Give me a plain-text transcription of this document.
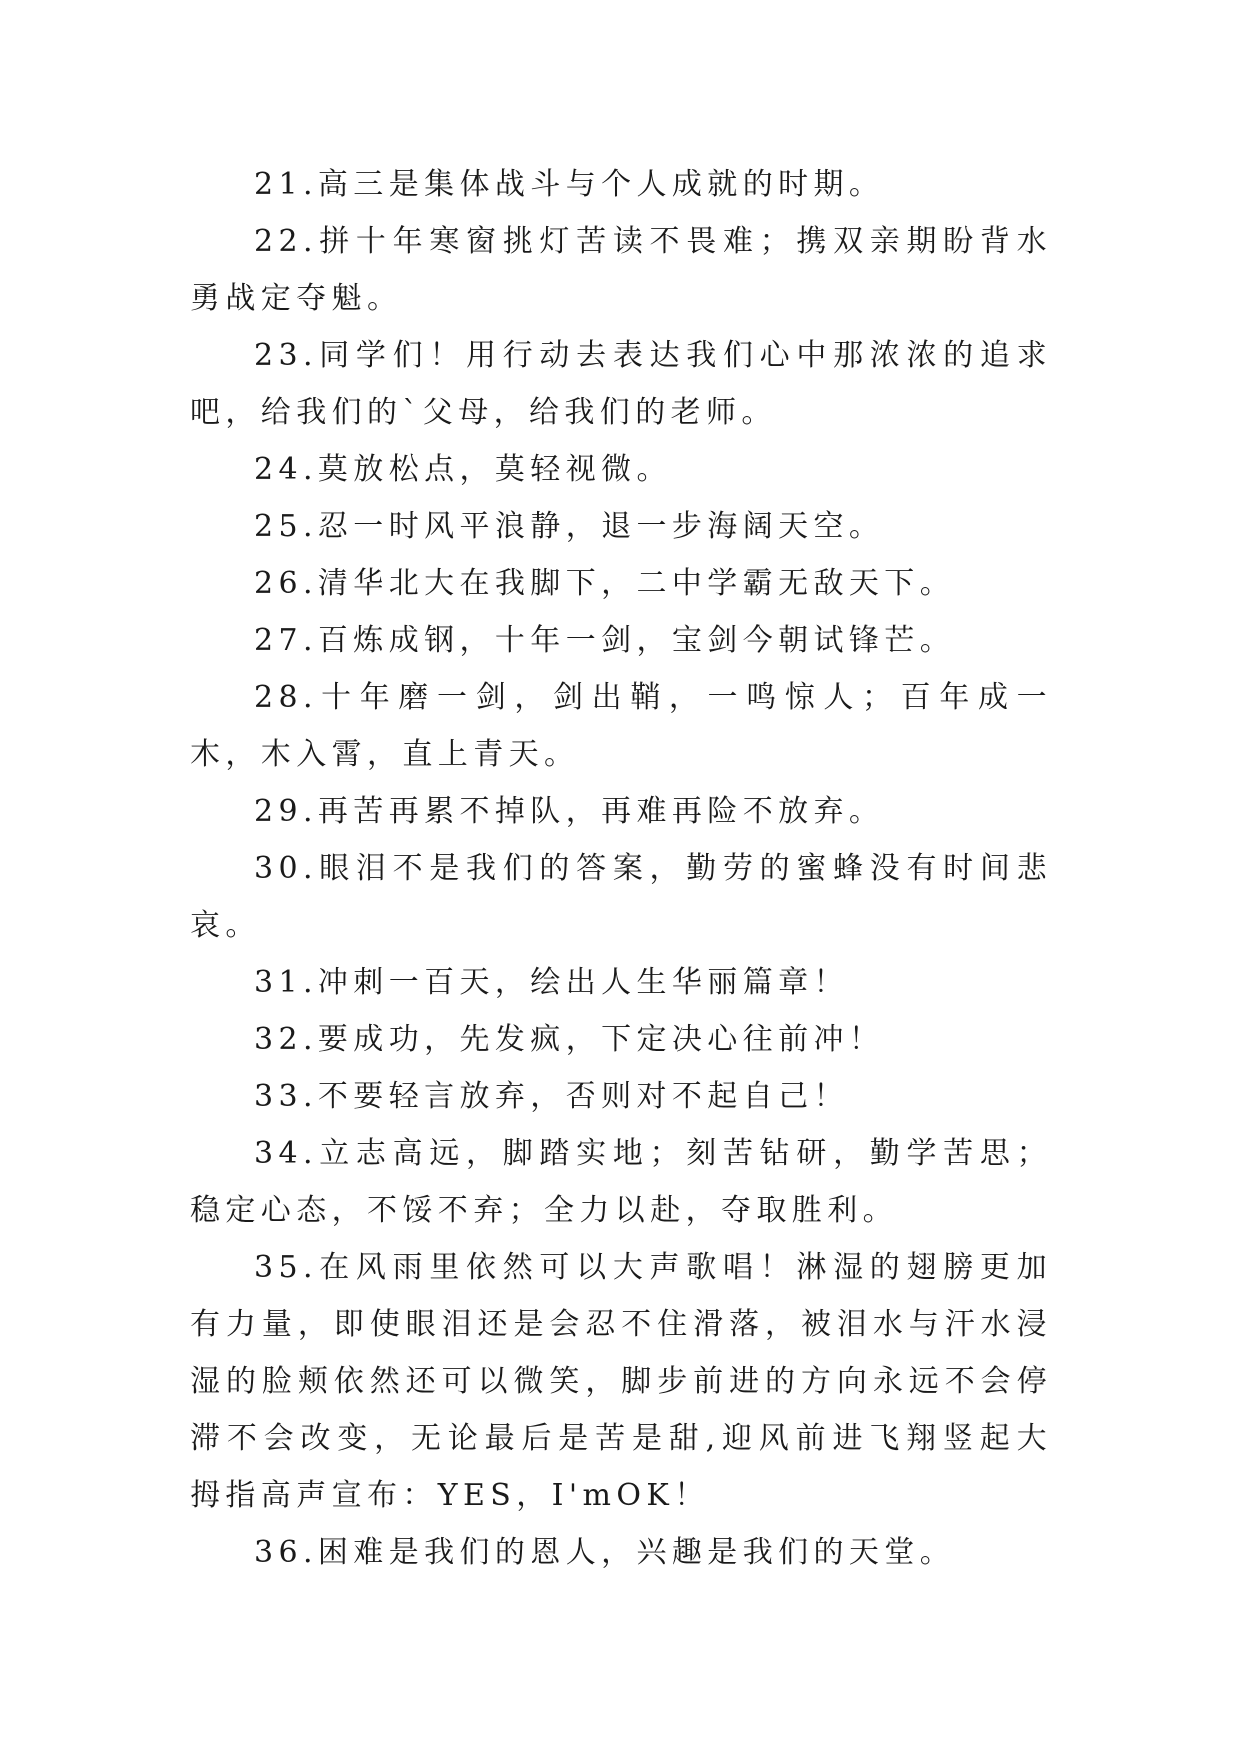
21.高三是集体战斗与个人成就的时期。

22.拼十年寒窗挑灯苦读不畏难；携双亲期盼背水勇战定夺魁。

23.同学们！用行动去表达我们心中那浓浓的追求吧，给我们的`父母，给我们的老师。

24.莫放松点，莫轻视微。

25.忍一时风平浪静，退一步海阔天空。

26.清华北大在我脚下，二中学霸无敌天下。

27.百炼成钢，十年一剑，宝剑今朝试锋芒。

28.十年磨一剑，剑出鞘，一鸣惊人；百年成一木，木入霄，直上青天。

29.再苦再累不掉队，再难再险不放弃。

30.眼泪不是我们的答案，勤劳的蜜蜂没有时间悲哀。

31.冲刺一百天，绘出人生华丽篇章！

32.要成功，先发疯，下定决心往前冲！

33.不要轻言放弃，否则对不起自己！

34.立志高远，脚踏实地；刻苦钻研，勤学苦思；稳定心态，不馁不弃；全力以赴，夺取胜利。

35.在风雨里依然可以大声歌唱！淋湿的翅膀更加有力量，即使眼泪还是会忍不住滑落，被泪水与汗水浸湿的脸颊依然还可以微笑，脚步前进的方向永远不会停滞不会改变，无论最后是苦是甜,迎风前进飞翔竖起大拇指高声宣布：YES，I'mOK！

36.困难是我们的恩人，兴趣是我们的天堂。
